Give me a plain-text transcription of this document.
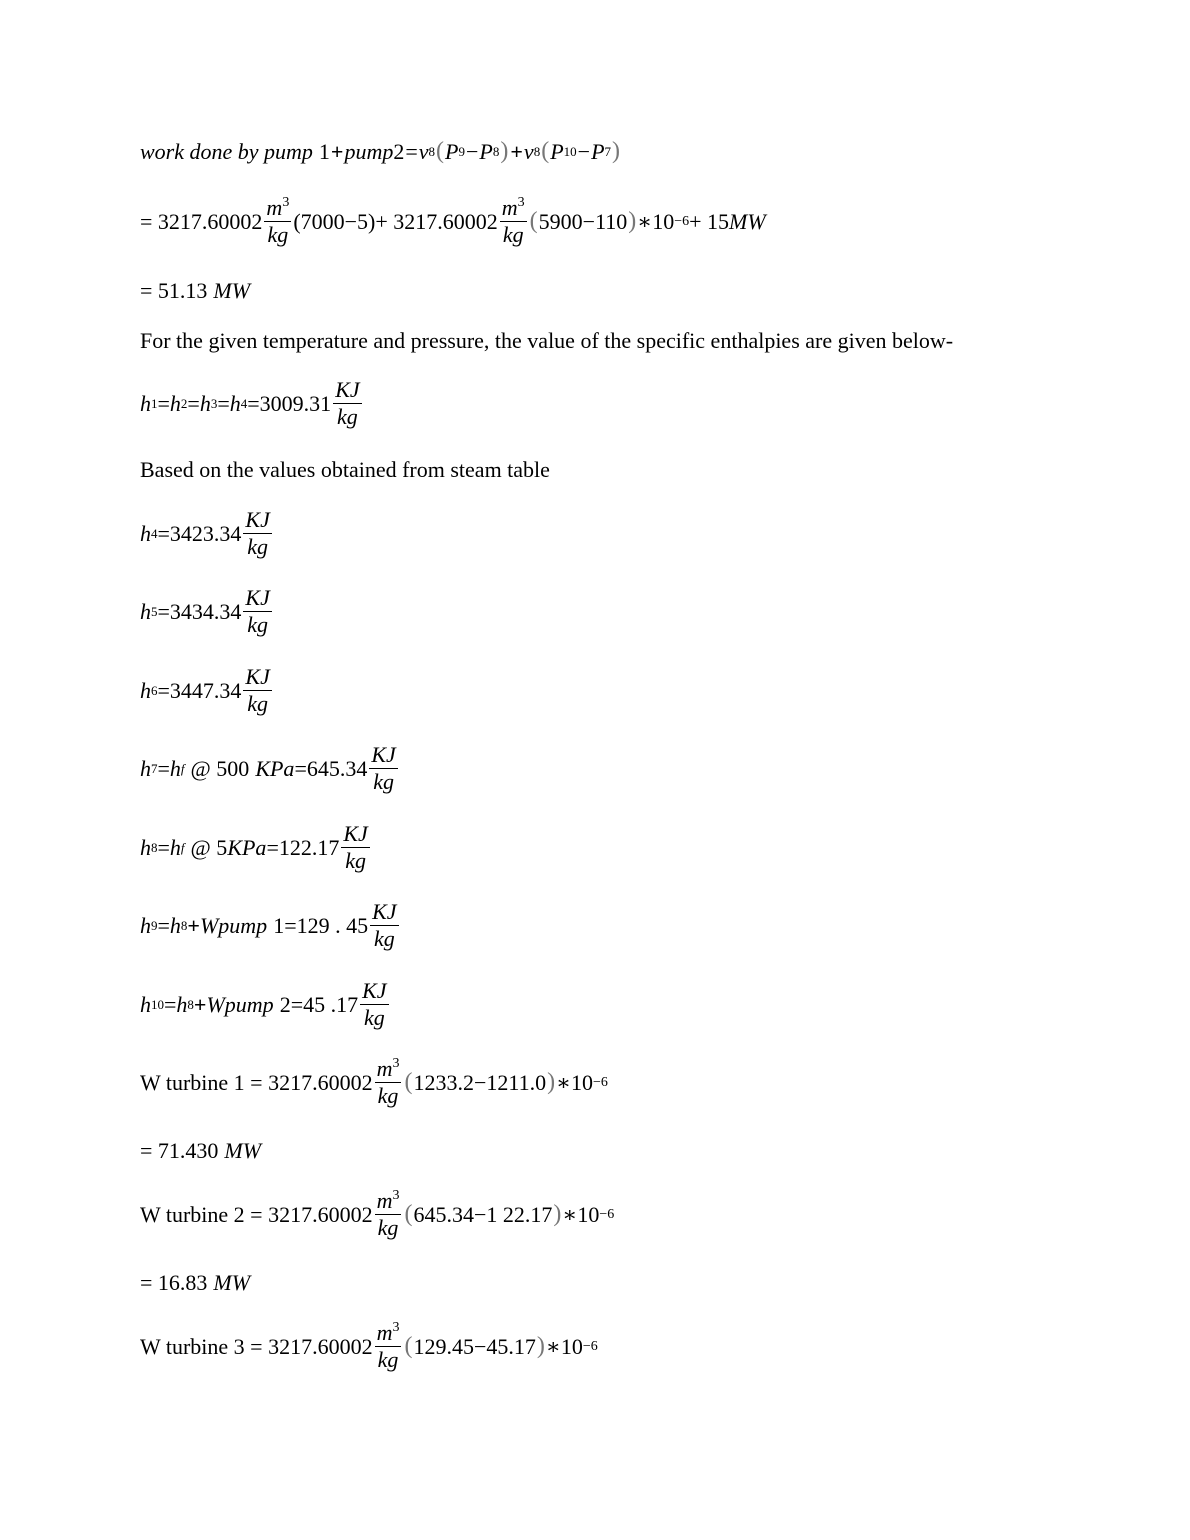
work done by pump 1 + pump 2 = v 8 ( P 9 − P 8 ) + v 8 ( P 10 − P 7 )
= $3217.60002 \frac{m^3}{kg} (7000-5)+ 3217.60002 \frac{m^3}{kg}$ ( 5900−110 ) ∗10 −6 + 15 MW
= 51.13 MW
For the given temperature and pressure, the value of the specific enthalpies are given below-
h 1 = h 2 = h 3 = h $4 =3009.31 \frac{KJ}{kg}$
Based on the values obtained from steam table
h $4 =3423.34 \frac{KJ}{kg}$
h $5 =3434.34 \frac{KJ}{kg}$
h $6 =3447.34 \frac{KJ}{kg}$
h 7 = h f @ 500 KPa $=645.34 \frac{KJ}{kg}$
h 8 = h f @ 5 KPa $=122.17 \frac{KJ}{kg}$
h 9 = h 8 + Wpump 1=129 . $45 \frac{KJ}{kg}$
h 10 = h 8 + Wpump 2=45 $.17 \frac{KJ}{kg}$
W turbine $1 = 3217.60002 \frac{m^3}{kg}$ ( 1233.2−1211.0 ) ∗10 −6
= 71.430 MW
W turbine $2 = 3217.60002 \frac{m^3}{kg}$ ( 645.34−1 22.17 ) ∗10 −6
= 16.83 MW
W turbine $3 = 3217.60002 \frac{m^3}{kg}$ ( 129.45−45.17 ) ∗10 −6
